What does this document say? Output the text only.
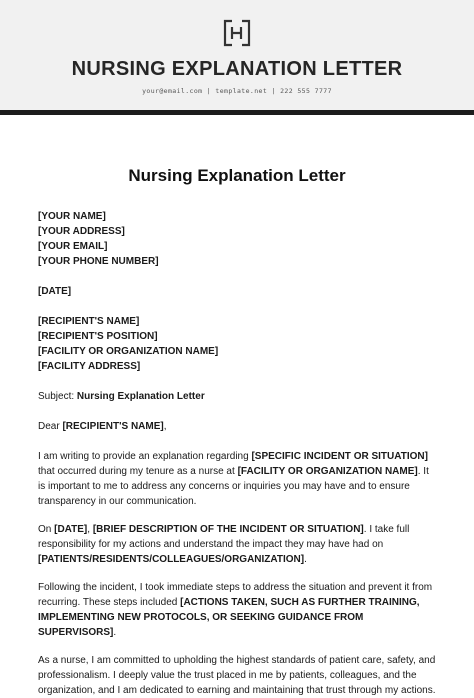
NURSING EXPLANATION LETTER
your@email.com | template.net | 222 555 7777
Nursing Explanation Letter
[YOUR NAME]
[YOUR ADDRESS]
[YOUR EMAIL]
[YOUR PHONE NUMBER]
[DATE]
[RECIPIENT'S NAME]
[RECIPIENT'S POSITION]
[FACILITY OR ORGANIZATION NAME]
[FACILITY ADDRESS]

Subject: Nursing Explanation Letter

Dear [RECIPIENT'S NAME],

I am writing to provide an explanation regarding [SPECIFIC INCIDENT OR SITUATION] that occurred during my tenure as a nurse at [FACILITY OR ORGANIZATION NAME]. It is important to me to address any concerns or inquiries you may have and to ensure transparency in our communication.

On [DATE], [BRIEF DESCRIPTION OF THE INCIDENT OR SITUATION]. I take full responsibility for my actions and understand the impact they may have had on [PATIENTS/RESIDENTS/COLLEAGUES/ORGANIZATION].

Following the incident, I took immediate steps to address the situation and prevent it from recurring. These steps included [ACTIONS TAKEN, SUCH AS FURTHER TRAINING, IMPLEMENTING NEW PROTOCOLS, OR SEEKING GUIDANCE FROM SUPERVISORS].

As a nurse, I am committed to upholding the highest standards of patient care, safety, and professionalism. I deeply value the trust placed in me by patients, colleagues, and the organization, and I am dedicated to earning and maintaining that trust through my actions.
